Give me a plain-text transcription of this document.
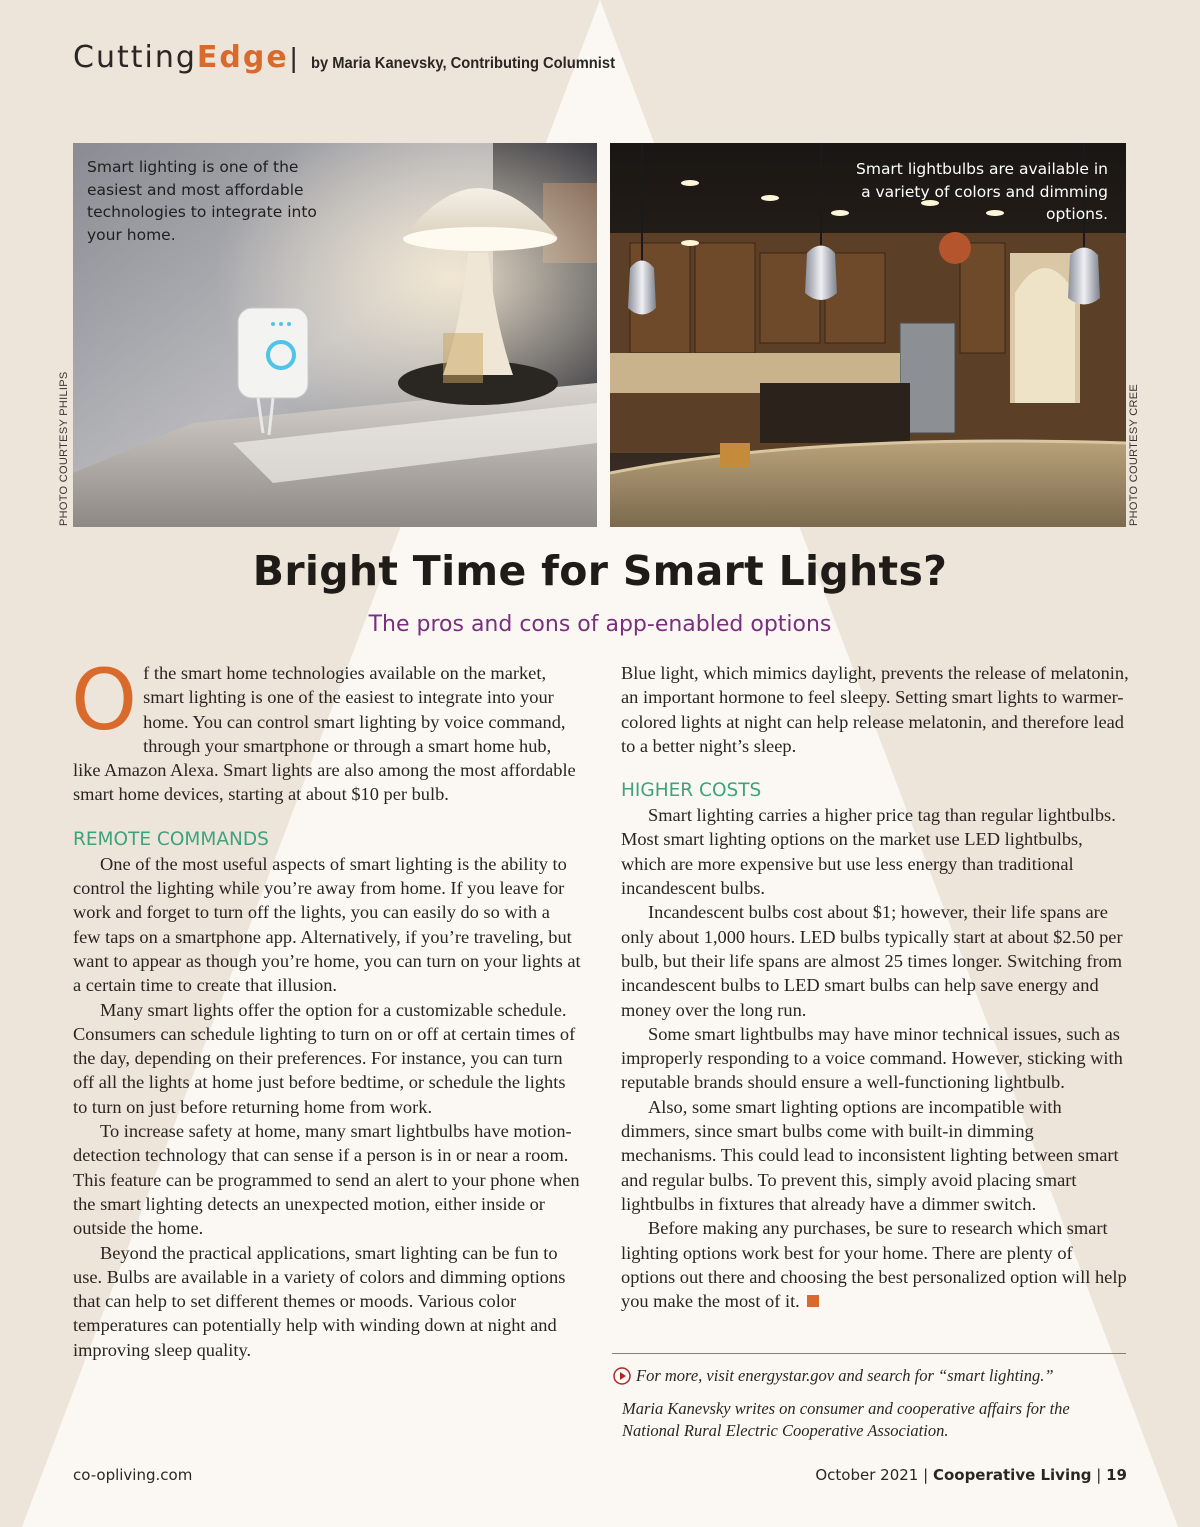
CuttingEdge | by Maria Kanevsky, Contributing Columnist
Smart lighting is one of the easiest and most affordable technologies to integrate into your home.
PHOTO COURTESY PHILIPS
Smart lightbulbs are available in a variety of colors and dimming options.
PHOTO COURTESY CREE
Bright Time for Smart Lights?
The pros and cons of app-enabled options

Of the smart home technologies available on the market, smart lighting is one of the easiest to integrate into your home. You can control smart lighting by voice command, through your smartphone or through a smart home hub, like Amazon Alexa. Smart lights are also among the most affordable smart home devices, starting at about $10 per bulb.

REMOTE COMMANDS

One of the most useful aspects of smart lighting is the ability to control the lighting while you’re away from home. If you leave for work and forget to turn off the lights, you can easily do so with a few taps on a smartphone app. Alternatively, if you’re traveling, but want to appear as though you’re home, you can turn on your lights at a certain time to create that illusion.

Many smart lights offer the option for a customizable schedule. Consumers can schedule lighting to turn on or off at certain times of the day, depending on their preferences. For instance, you can turn off all the lights at home just before bedtime, or schedule the lights to turn on just before returning home from work.

To increase safety at home, many smart lightbulbs have motion-detection technology that can sense if a person is in or near a room. This feature can be programmed to send an alert to your phone when the smart lighting detects an unexpected motion, either inside or outside the home.

Beyond the practical applications, smart lighting can be fun to use. Bulbs are available in a variety of colors and dimming options that can help to set different themes or moods. Various color temperatures can potentially help with winding down at night and improving sleep quality.

Blue light, which mimics daylight, prevents the release of melatonin, an important hormone to feel sleepy. Setting smart lights to warmer-colored lights at night can help release melatonin, and therefore lead to a better night’s sleep.

HIGHER COSTS

Smart lighting carries a higher price tag than regular lightbulbs. Most smart lighting options on the market use LED lightbulbs, which are more expensive but use less energy than traditional incandescent bulbs.

Incandescent bulbs cost about $1; however, their life spans are only about 1,000 hours. LED bulbs typically start at about $2.50 per bulb, but their life spans are almost 25 times longer. Switching from incandescent bulbs to LED smart bulbs can help save energy and money over the long run.

Some smart lightbulbs may have minor technical issues, such as improperly responding to a voice command. However, sticking with reputable brands should ensure a well-functioning lightbulb.

Also, some smart lighting options are incompatible with dimmers, since smart bulbs come with built-in dimming mechanisms. This could lead to inconsistent lighting between smart and regular bulbs. To prevent this, simply avoid placing smart lightbulbs in fixtures that already have a dimmer switch.

Before making any purchases, be sure to research which smart lighting options work best for your home. There are plenty of options out there and choosing the best personalized option will help you make the most of it.

For more, visit energystar.gov and search for “smart lighting.”
Maria Kanevsky writes on consumer and cooperative affairs for the National Rural Electric Cooperative Association.
co-opliving.com	October 2021 | Cooperative Living | 19
